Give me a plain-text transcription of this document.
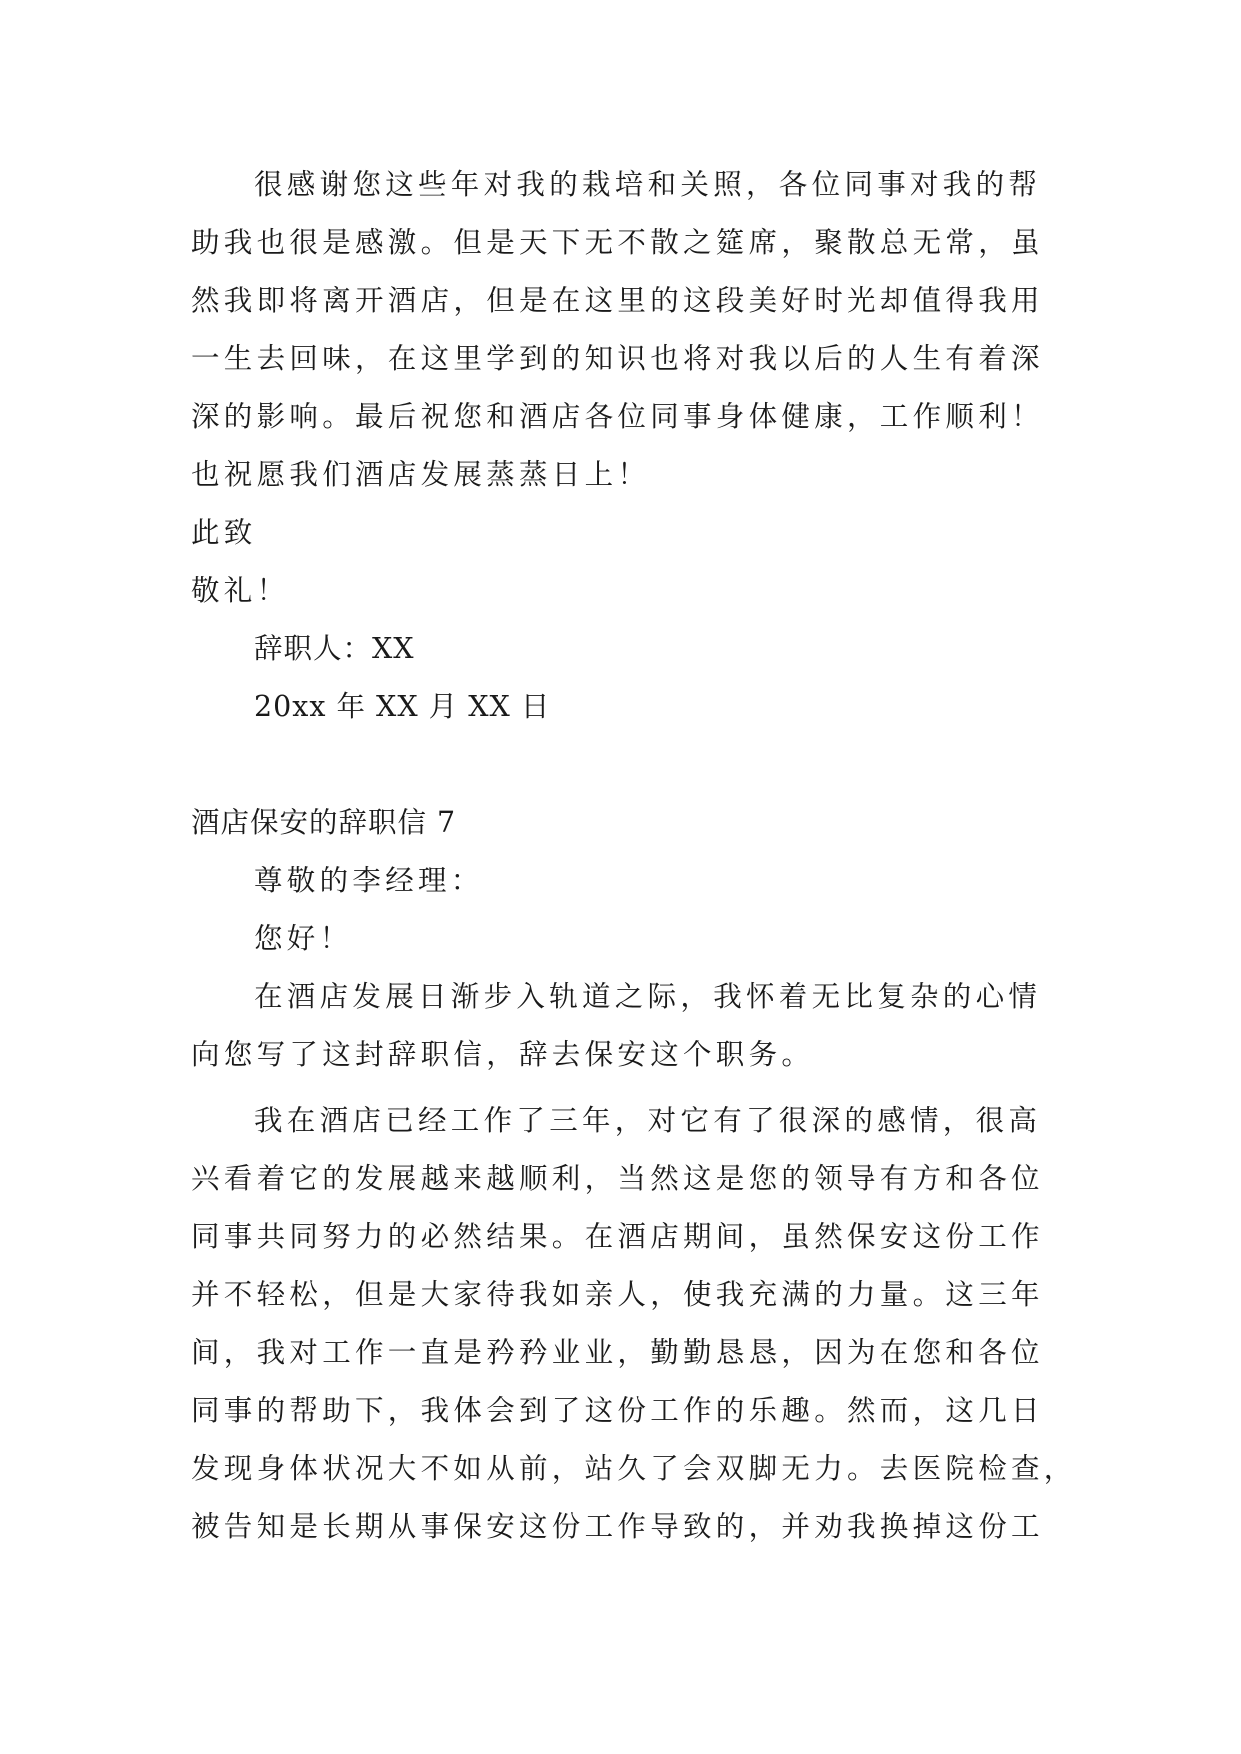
很感谢您这些年对我的栽培和关照，各位同事对我的帮
助我也很是感激。但是天下无不散之筵席，聚散总无常，虽
然我即将离开酒店，但是在这里的这段美好时光却值得我用
一生去回味，在这里学到的知识也将对我以后的人生有着深
深的影响。最后祝您和酒店各位同事身体健康，工作顺利！
也祝愿我们酒店发展蒸蒸日上！
此致
敬礼！
辞职人：XX
20xx 年 XX 月 XX 日
酒店保安的辞职信 7
尊敬的李经理：
您好！
在酒店发展日渐步入轨道之际，我怀着无比复杂的心情
向您写了这封辞职信，辞去保安这个职务。
我在酒店已经工作了三年，对它有了很深的感情，很高
兴看着它的发展越来越顺利，当然这是您的领导有方和各位
同事共同努力的必然结果。在酒店期间，虽然保安这份工作
并不轻松，但是大家待我如亲人，使我充满的力量。这三年
间，我对工作一直是矜矜业业，勤勤恳恳，因为在您和各位
同事的帮助下，我体会到了这份工作的乐趣。然而，这几日
发现身体状况大不如从前，站久了会双脚无力。去医院检查，
被告知是长期从事保安这份工作导致的，并劝我换掉这份工
